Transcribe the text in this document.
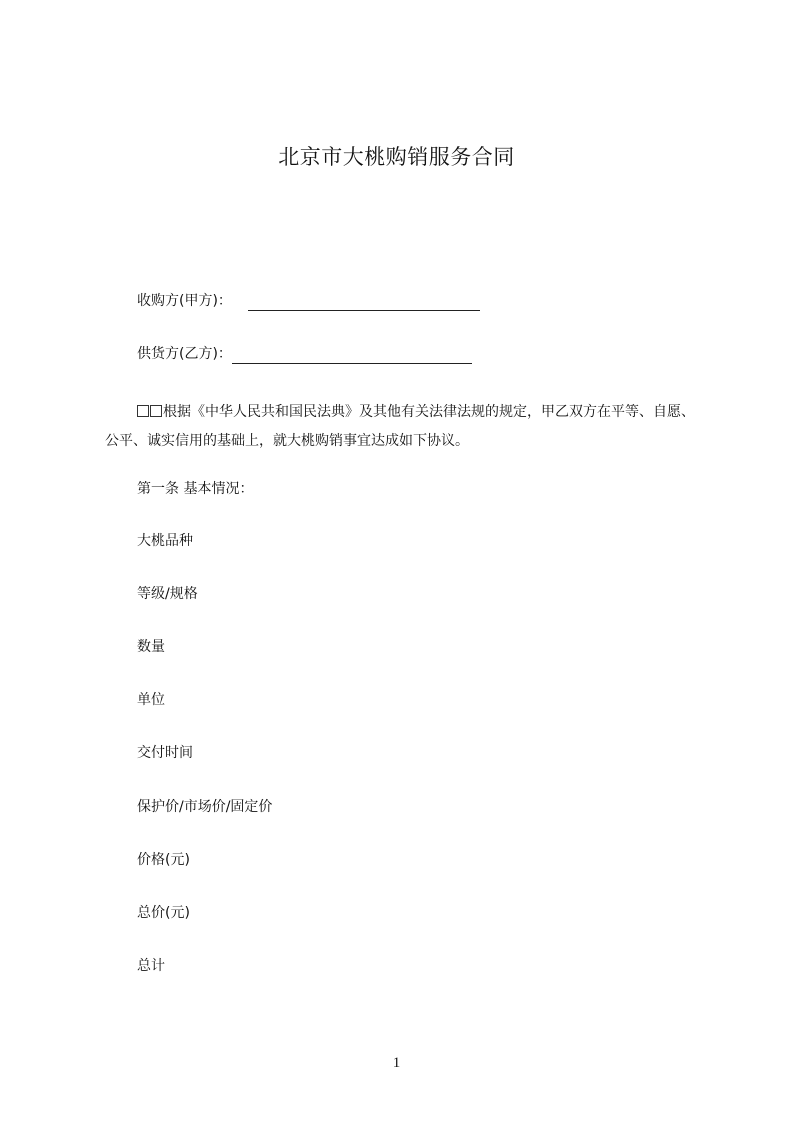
北京市大桃购销服务合同
收购方(甲方)：
供货方(乙方)：
根据《中华人民共和国民法典》及其他有关法律法规的规定，甲乙双方在平等、自愿、公平、诚实信用的基础上，就大桃购销事宜达成如下协议。
第一条 基本情况：
大桃品种
等级/规格
数量
单位
交付时间
保护价/市场价/固定价
价格(元)
总价(元)
总计
1
